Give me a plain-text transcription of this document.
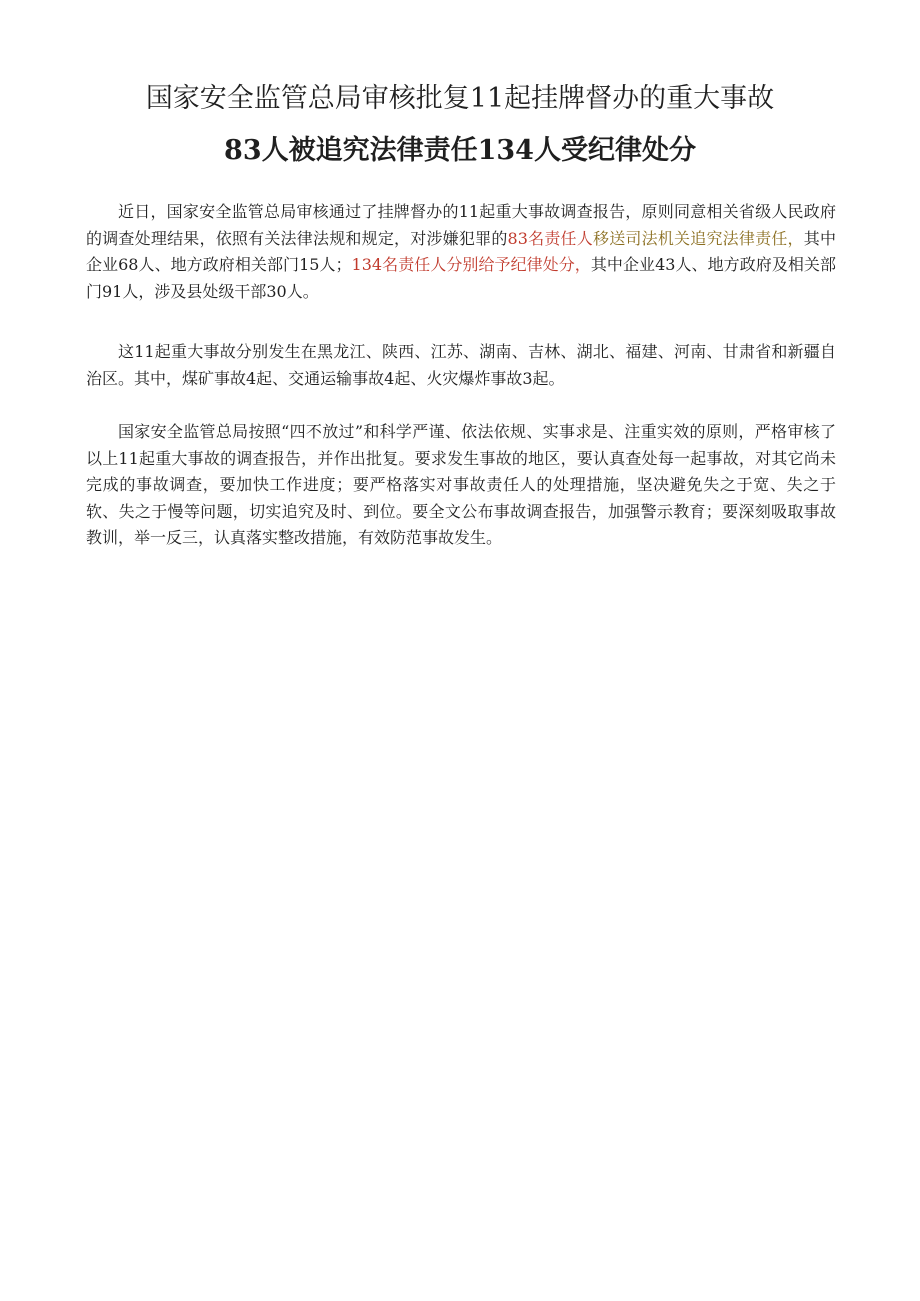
国家安全监管总局审核批复11起挂牌督办的重大事故
83人被追究法律责任134人受纪律处分

近日，国家安全监管总局审核通过了挂牌督办的11起重大事故调查报告，原则同意相关省级人民政府的调查处理结果，依照有关法律法规和规定，对涉嫌犯罪的83名责任人移送司法机关追究法律责任，其中企业68人、地方政府相关部门15人；134名责任人分别给予纪律处分，其中企业43人、地方政府及相关部门91人，涉及县处级干部30人。

这11起重大事故分别发生在黑龙江、陕西、江苏、湖南、吉林、湖北、福建、河南、甘肃省和新疆自治区。其中，煤矿事故4起、交通运输事故4起、火灾爆炸事故3起。

国家安全监管总局按照“四不放过”和科学严谨、依法依规、实事求是、注重实效的原则，严格审核了以上11起重大事故的调查报告，并作出批复。要求发生事故的地区，要认真查处每一起事故，对其它尚未完成的事故调查，要加快工作进度；要严格落实对事故责任人的处理措施，坚决避免失之于宽、失之于软、失之于慢等问题，切实追究及时、到位。要全文公布事故调查报告，加强警示教育；要深刻吸取事故教训，举一反三，认真落实整改措施，有效防范事故发生。
